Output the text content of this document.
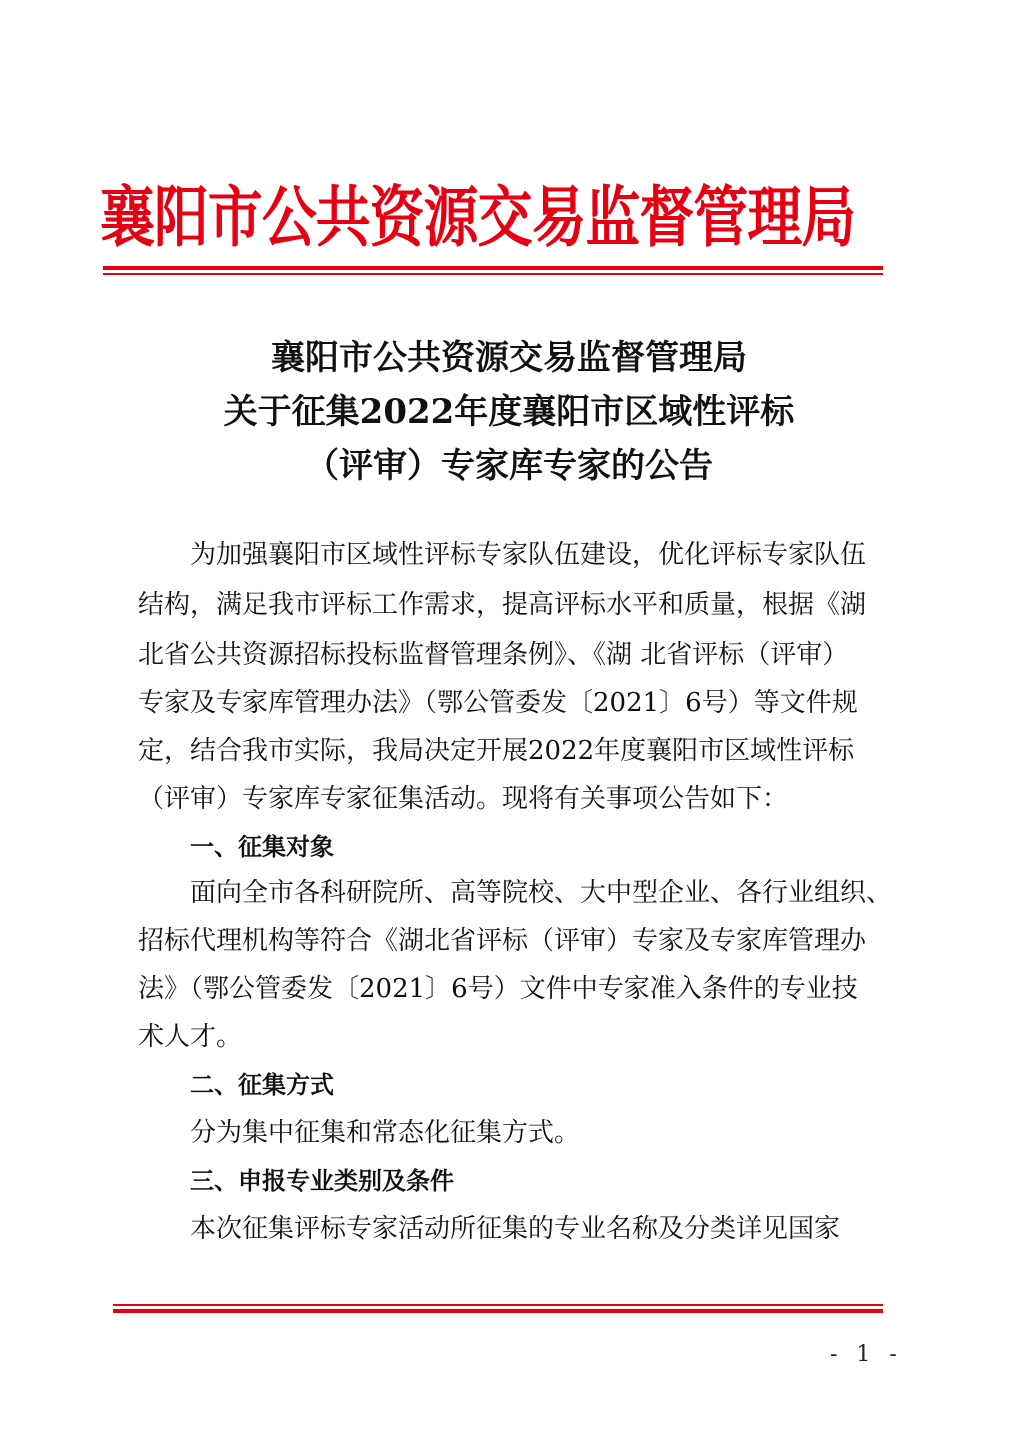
襄阳市公共资源交易监督管理局
襄阳市公共资源交易监督管理局
关于征集2022年度襄阳市区域性评标
（评审）专家库专家的公告
　　为加强襄阳市区域性评标专家队伍建设，优化评标专家队伍
结构，满足我市评标工作需求，提高评标水平和质量，根据《湖
北省公共资源招标投标监督管理条例》、《湖 北省评标（评审）
专家及专家库管理办法》（鄂公管委发〔2021〕6号）等文件规
定，结合我市实际，我局决定开展2022年度襄阳市区域性评标
（评审）专家库专家征集活动。现将有关事项公告如下：
一、征集对象
　　面向全市各科研院所、高等院校、大中型企业、各行业组织、
招标代理机构等符合《湖北省评标（评审）专家及专家库管理办
法》（鄂公管委发〔2021〕6号）文件中专家准入条件的专业技
术人才。
二、征集方式
　　分为集中征集和常态化征集方式。
三、申报专业类别及条件
　　本次征集评标专家活动所征集的专业名称及分类详见国家
- 1 -
